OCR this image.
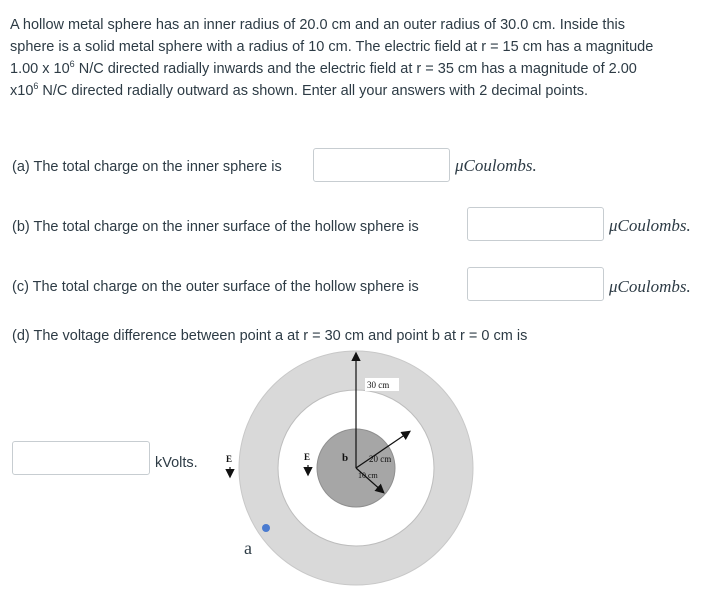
A hollow metal sphere has an inner radius of 20.0 cm and an outer radius of 30.0 cm. Inside this
sphere is a solid metal sphere with a radius of 10 cm. The electric field at r = 15 cm has a magnitude
1.00 x $10^6$ N/C directed radially inwards and the electric field at r = 35 cm has a magnitude of 2.00
$x10^6$ N/C directed radially outward as shown. Enter all your answers with 2 decimal points.
(a) The total charge on the inner sphere is	μCoulombs.
(b) The total charge on the inner surface of the hollow sphere is	μCoulombs.
(c) The total charge on the outer surface of the hollow sphere is	μCoulombs.
(d) The voltage difference between point a at r = 30 cm and point b at r = 0 cm is
kVolts.
30 cm
20 cm
10 cm
b
E
E
a
